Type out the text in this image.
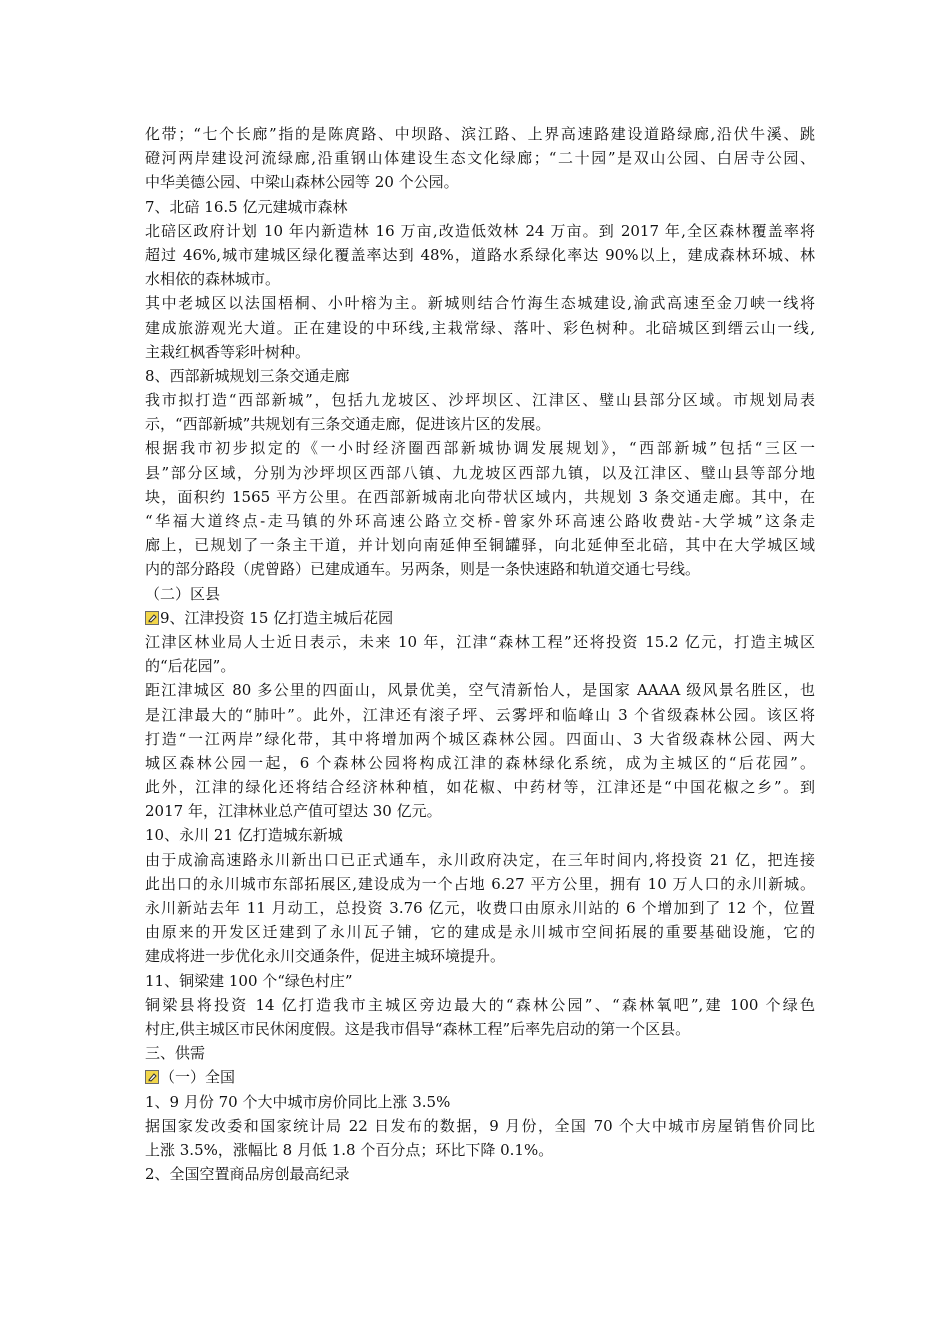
化带；“七个长廊”指的是陈庹路、中坝路、滨江路、上界高速路建设道路绿廊,沿伏牛溪、跳
磴河两岸建设河流绿廊,沿重钢山体建设生态文化绿廊；“二十园”是双山公园、白居寺公园、
中华美德公园、中梁山森林公园等 20 个公园。
7、北碚 16.5 亿元建城市森林
北碚区政府计划 10 年内新造林 16 万亩,改造低效林 24 万亩。到 2017 年,全区森林覆盖率将
超过 46%,城市建城区绿化覆盖率达到 48%，道路水系绿化率达 90%以上，建成森林环城、林
水相依的森林城市。
其中老城区以法国梧桐、小叶榕为主。新城则结合竹海生态城建设,渝武高速至金刀峡一线将
建成旅游观光大道。正在建设的中环线,主栽常绿、落叶、彩色树种。北碚城区到缙云山一线,
主栽红枫香等彩叶树种。
8、西部新城规划三条交通走廊
我市拟打造“西部新城”，包括九龙坡区、沙坪坝区、江津区、璧山县部分区域。市规划局表
示，“西部新城”共规划有三条交通走廊，促进该片区的发展。
根据我市初步拟定的《一小时经济圈西部新城协调发展规划》，“西部新城”包括“三区一
县”部分区域，分别为沙坪坝区西部八镇、九龙坡区西部九镇，以及江津区、璧山县等部分地
块，面积约 1565 平方公里。在西部新城南北向带状区域内，共规划 3 条交通走廊。其中，在
“华福大道终点-走马镇的外环高速公路立交桥-曾家外环高速公路收费站-大学城”这条走
廊上，已规划了一条主干道，并计划向南延伸至铜罐驿，向北延伸至北碚，其中在大学城区域
内的部分路段（虎曾路）已建成通车。另两条，则是一条快速路和轨道交通七号线。
（二）区县
9、江津投资 15 亿打造主城后花园
江津区林业局人士近日表示，未来 10 年，江津“森林工程”还将投资 15.2 亿元，打造主城区
的“后花园”。
距江津城区 80 多公里的四面山，风景优美，空气清新怡人，是国家 AAAA 级风景名胜区，也
是江津最大的“肺叶”。此外，江津还有滚子坪、云雾坪和临峰山 3 个省级森林公园。该区将
打造“一江两岸”绿化带，其中将增加两个城区森林公园。四面山、3 大省级森林公园、两大
城区森林公园一起，6 个森林公园将构成江津的森林绿化系统，成为主城区的“后花园”。
此外，江津的绿化还将结合经济林种植，如花椒、中药材等，江津还是“中国花椒之乡”。到
2017 年，江津林业总产值可望达 30 亿元。
10、永川 21 亿打造城东新城
由于成渝高速路永川新出口已正式通车，永川政府决定，在三年时间内,将投资 21 亿，把连接
此出口的永川城市东部拓展区,建设成为一个占地 6.27 平方公里，拥有 10 万人口的永川新城。
永川新站去年 11 月动工，总投资 3.76 亿元，收费口由原永川站的 6 个增加到了 12 个，位置
由原来的开发区迁建到了永川瓦子铺，它的建成是永川城市空间拓展的重要基础设施，它的
建成将进一步优化永川交通条件，促进主城环境提升。
11、铜梁建 100 个“绿色村庄”
铜梁县将投资 14 亿打造我市主城区旁边最大的“森林公园”、“森林氧吧”,建 100 个绿色
村庄,供主城区市民休闲度假。这是我市倡导“森林工程”后率先启动的第一个区县。
三、供需
（一）全国
1、9 月份 70 个大中城市房价同比上涨 3.5%
据国家发改委和国家统计局 22 日发布的数据，9 月份，全国 70 个大中城市房屋销售价同比
上涨 3.5%，涨幅比 8 月低 1.8 个百分点；环比下降 0.1%。
2、全国空置商品房创最高纪录
